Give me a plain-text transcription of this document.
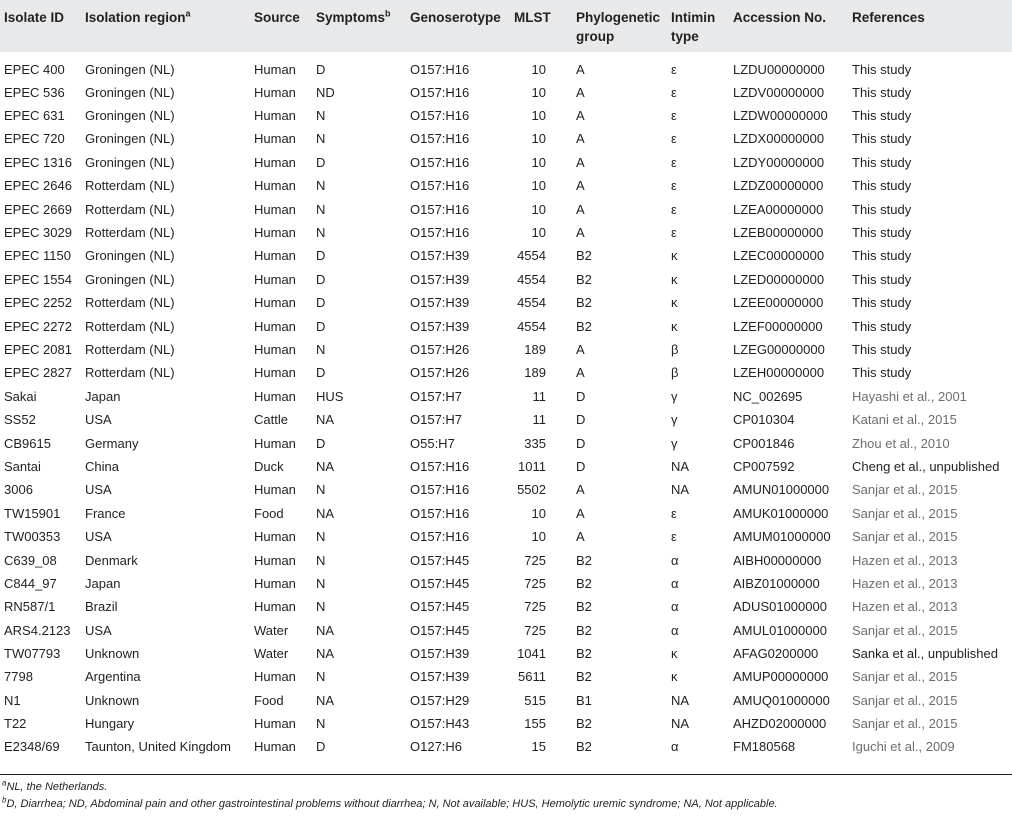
Isolate ID	Isolation region$^a$	Source	Symptoms$^b$	Genoserotype	MLST	Phylogenetic group	Intimin type	Accession No.	References
EPEC 400	Groningen (NL)	Human	D	O157:H16	10	A	ε	LZDU00000000	This study
EPEC 536	Groningen (NL)	Human	ND	O157:H16	10	A	ε	LZDV00000000	This study
EPEC 631	Groningen (NL)	Human	N	O157:H16	10	A	ε	LZDW00000000	This study
EPEC 720	Groningen (NL)	Human	N	O157:H16	10	A	ε	LZDX00000000	This study
EPEC 1316	Groningen (NL)	Human	D	O157:H16	10	A	ε	LZDY00000000	This study
EPEC 2646	Rotterdam (NL)	Human	N	O157:H16	10	A	ε	LZDZ00000000	This study
EPEC 2669	Rotterdam (NL)	Human	N	O157:H16	10	A	ε	LZEA00000000	This study
EPEC 3029	Rotterdam (NL)	Human	N	O157:H16	10	A	ε	LZEB00000000	This study
EPEC 1150	Groningen (NL)	Human	D	O157:H39	4554	B2	κ	LZEC00000000	This study
EPEC 1554	Groningen (NL)	Human	D	O157:H39	4554	B2	κ	LZED00000000	This study
EPEC 2252	Rotterdam (NL)	Human	D	O157:H39	4554	B2	κ	LZEE00000000	This study
EPEC 2272	Rotterdam (NL)	Human	D	O157:H39	4554	B2	κ	LZEF00000000	This study
EPEC 2081	Rotterdam (NL)	Human	N	O157:H26	189	A	β	LZEG00000000	This study
EPEC 2827	Rotterdam (NL)	Human	D	O157:H26	189	A	β	LZEH00000000	This study
Sakai	Japan	Human	HUS	O157:H7	11	D	γ	NC_002695	Hayashi et al., 2001
SS52	USA	Cattle	NA	O157:H7	11	D	γ	CP010304	Katani et al., 2015
CB9615	Germany	Human	D	O55:H7	335	D	γ	CP001846	Zhou et al., 2010
Santai	China	Duck	NA	O157:H16	1011	D	NA	CP007592	Cheng et al., unpublished
3006	USA	Human	N	O157:H16	5502	A	NA	AMUN01000000	Sanjar et al., 2015
TW15901	France	Food	NA	O157:H16	10	A	ε	AMUK01000000	Sanjar et al., 2015
TW00353	USA	Human	N	O157:H16	10	A	ε	AMUM01000000	Sanjar et al., 2015
C639_08	Denmark	Human	N	O157:H45	725	B2	α	AIBH00000000	Hazen et al., 2013
C844_97	Japan	Human	N	O157:H45	725	B2	α	AIBZ01000000	Hazen et al., 2013
RN587/1	Brazil	Human	N	O157:H45	725	B2	α	ADUS01000000	Hazen et al., 2013
ARS4.2123	USA	Water	NA	O157:H45	725	B2	α	AMUL01000000	Sanjar et al., 2015
TW07793	Unknown	Water	NA	O157:H39	1041	B2	κ	AFAG0200000	Sanka et al., unpublished
7798	Argentina	Human	N	O157:H39	5611	B2	κ	AMUP00000000	Sanjar et al., 2015
N1	Unknown	Food	NA	O157:H29	515	B1	NA	AMUQ01000000	Sanjar et al., 2015
T22	Hungary	Human	N	O157:H43	155	B2	NA	AHZD02000000	Sanjar et al., 2015
E2348/69	Taunton, United Kingdom	Human	D	O127:H6	15	B2	α	FM180568	Iguchi et al., 2009
$^a$NL, the Netherlands.
$^b$D, Diarrhea; ND, Abdominal pain and other gastrointestinal problems without diarrhea; N, Not available; HUS, Hemolytic uremic syndrome; NA, Not applicable.
